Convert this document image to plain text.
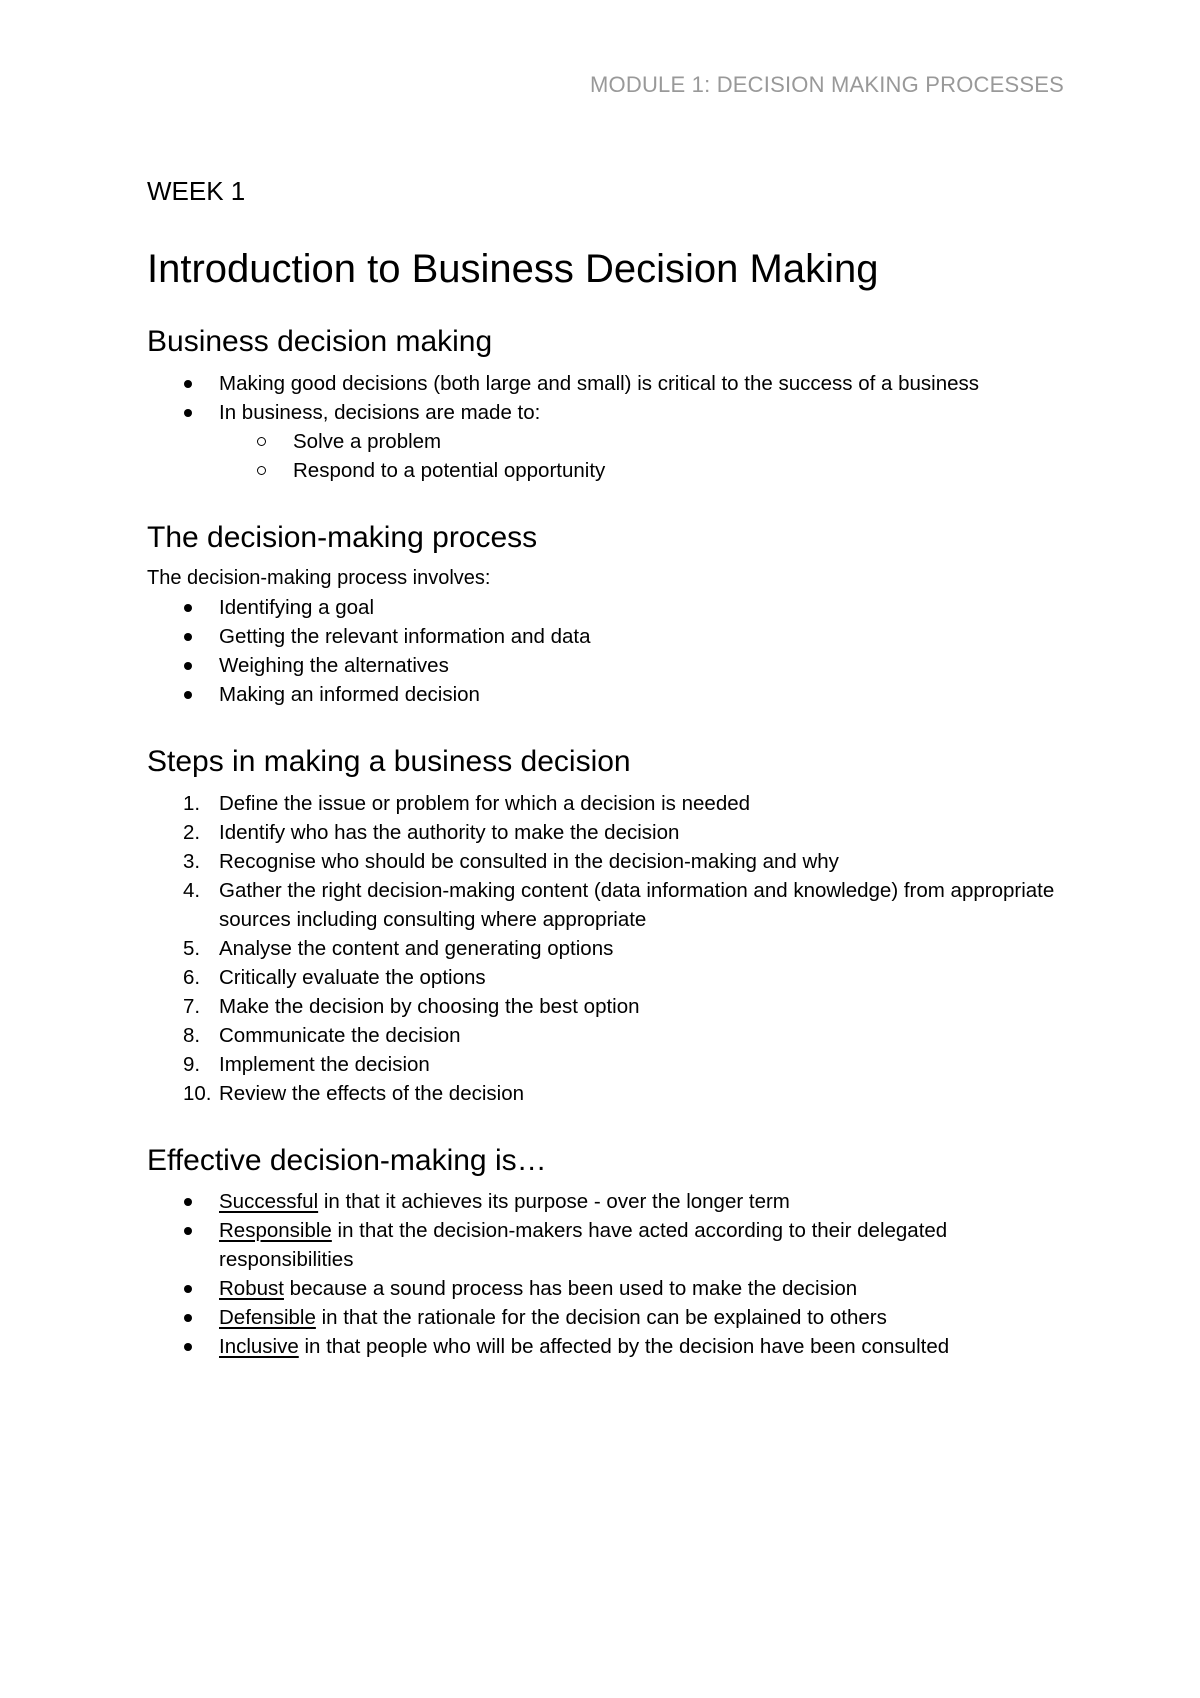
MODULE 1: DECISION MAKING PROCESSES
WEEK 1
Introduction to Business Decision Making
Business decision making
Making good decisions (both large and small) is critical to the success of a business
In business, decisions are made to:
Solve a problem
Respond to a potential opportunity
The decision-making process

The decision-making process involves:

Identifying a goal
Getting the relevant information and data
Weighing the alternatives
Making an informed decision
Steps in making a business decision
1. Define the issue or problem for which a decision is needed
2. Identify who has the authority to make the decision
3. Recognise who should be consulted in the decision-making and why
4. Gather the right decision-making content (data information and knowledge) from appropriate sources including consulting where appropriate
5. Analyse the content and generating options
6. Critically evaluate the options
7. Make the decision by choosing the best option
8. Communicate the decision
9. Implement the decision
10. Review the effects of the decision
Effective decision-making is…
Successful in that it achieves its purpose - over the longer term
Responsible in that the decision-makers have acted according to their delegated responsibilities
Robust because a sound process has been used to make the decision
Defensible in that the rationale for the decision can be explained to others
Inclusive in that people who will be affected by the decision have been consulted
